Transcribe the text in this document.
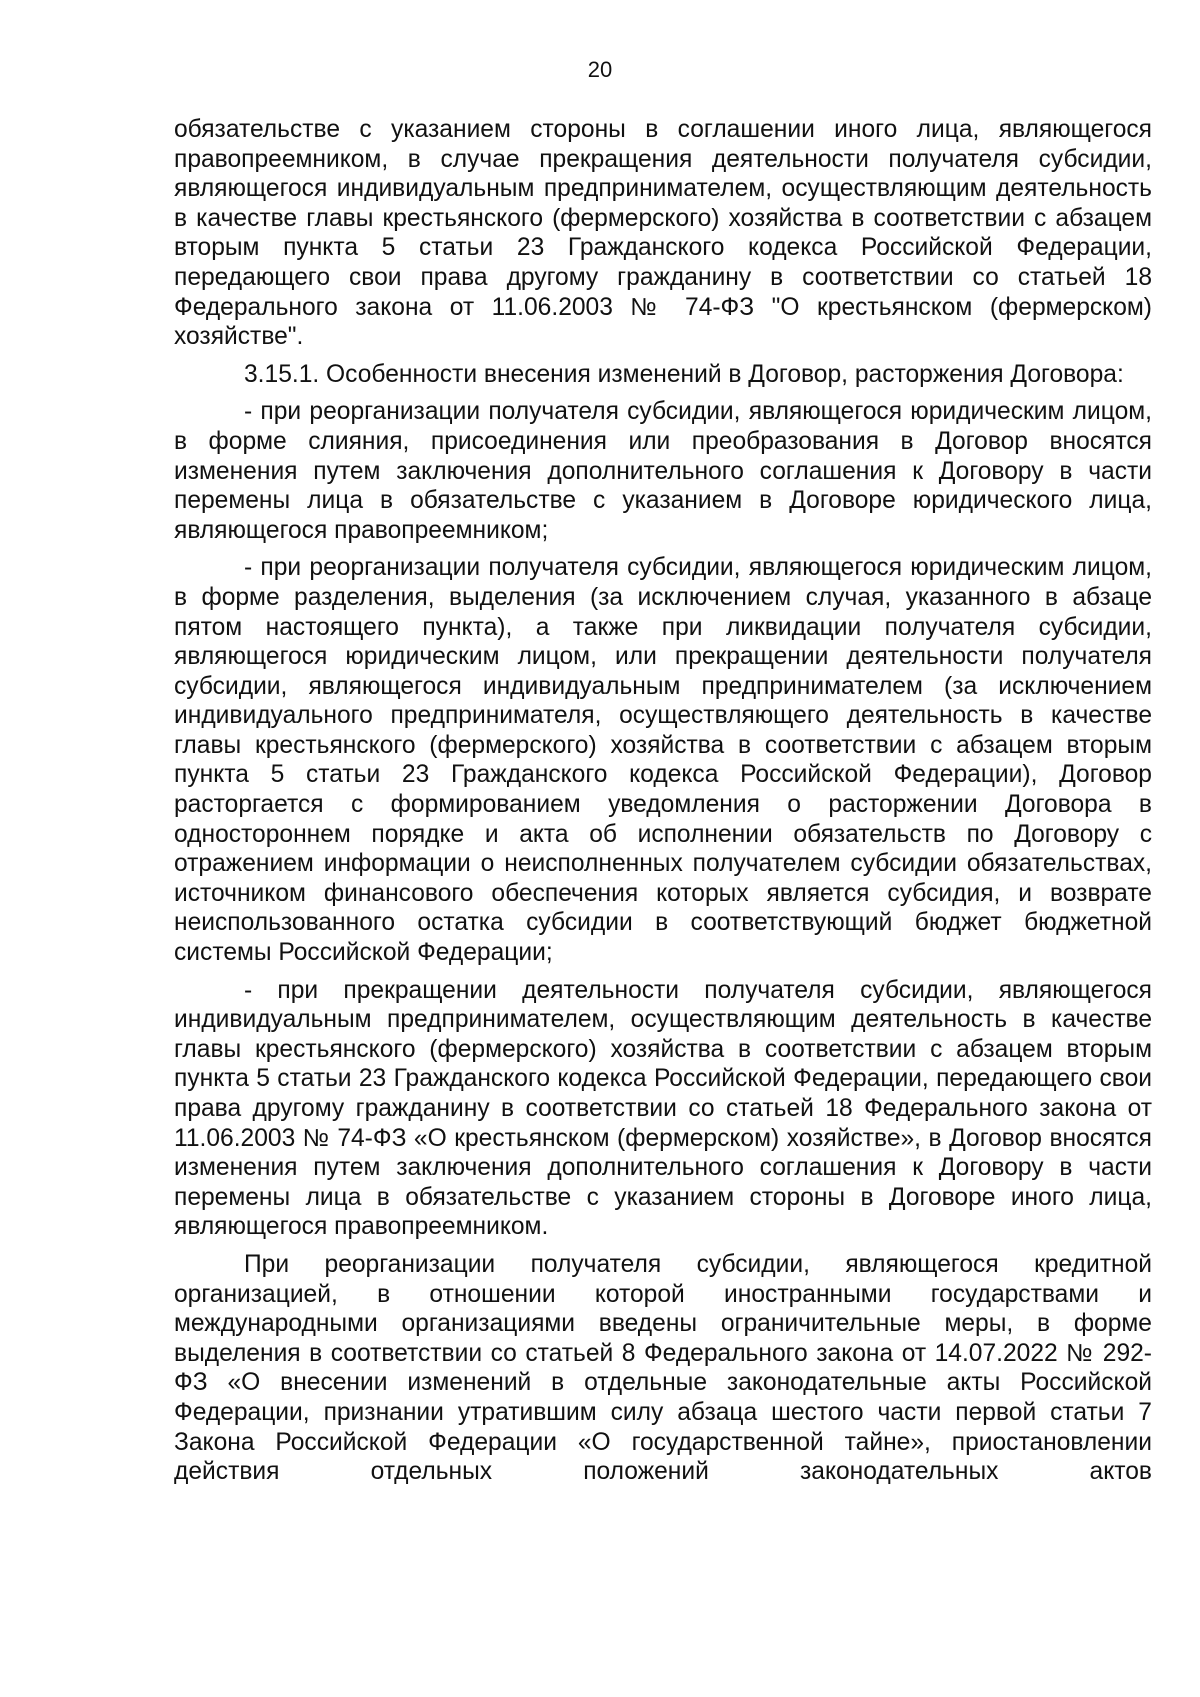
20

обязательстве с указанием стороны в соглашении иного лица, являющегося правопреемником, в случае прекращения деятельности получателя субсидии, являющегося индивидуальным предпринимателем, осуществляющим деятельность в качестве главы крестьянского (фермерского) хозяйства в соответствии с абзацем вторым пункта 5 статьи 23 Гражданского кодекса Российской Федерации, передающего свои права другому гражданину в соответствии со статьей 18 Федерального закона от 11.06.2003 № 74-ФЗ "О крестьянском (фермерском) хозяйстве".

3.15.1. Особенности внесения изменений в Договор, расторжения Договора:

- при реорганизации получателя субсидии, являющегося юридическим лицом, в форме слияния, присоединения или преобразования в Договор вносятся изменения путем заключения дополнительного соглашения к Договору в части перемены лица в обязательстве с указанием в Договоре юридического лица, являющегося правопреемником;

- при реорганизации получателя субсидии, являющегося юридическим лицом, в форме разделения, выделения (за исключением случая, указанного в абзаце пятом настоящего пункта), а также при ликвидации получателя субсидии, являющегося юридическим лицом, или прекращении деятельности получателя субсидии, являющегося индивидуальным предпринимателем (за исключением индивидуального предпринимателя, осуществляющего деятельность в качестве главы крестьянского (фермерского) хозяйства в соответствии с абзацем вторым пункта 5 статьи 23 Гражданского кодекса Российской Федерации), Договор расторгается с формированием уведомления о расторжении Договора в одностороннем порядке и акта об исполнении обязательств по Договору с отражением информации о неисполненных получателем субсидии обязательствах, источником финансового обеспечения которых является субсидия, и возврате неиспользованного остатка субсидии в соответствующий бюджет бюджетной системы Российской Федерации;

- при прекращении деятельности получателя субсидии, являющегося индивидуальным предпринимателем, осуществляющим деятельность в качестве главы крестьянского (фермерского) хозяйства в соответствии с абзацем вторым пункта 5 статьи 23 Гражданского кодекса Российской Федерации, передающего свои права другому гражданину в соответствии со статьей 18 Федерального закона от 11.06.2003 № 74-ФЗ «О крестьянском (фермерском) хозяйстве», в Договор вносятся изменения путем заключения дополнительного соглашения к Договору в части перемены лица в обязательстве с указанием стороны в Договоре иного лица, являющегося правопреемником.

При реорганизации получателя субсидии, являющегося кредитной организацией, в отношении которой иностранными государствами и международными организациями введены ограничительные меры, в форме выделения в соответствии со статьей 8 Федерального закона от 14.07.2022 № 292-ФЗ «О внесении изменений в отдельные законодательные акты Российской Федерации, признании утратившим силу абзаца шестого части первой статьи 7 Закона Российской Федерации «О государственной тайне», приостановлении действия отдельных положений законодательных актов
